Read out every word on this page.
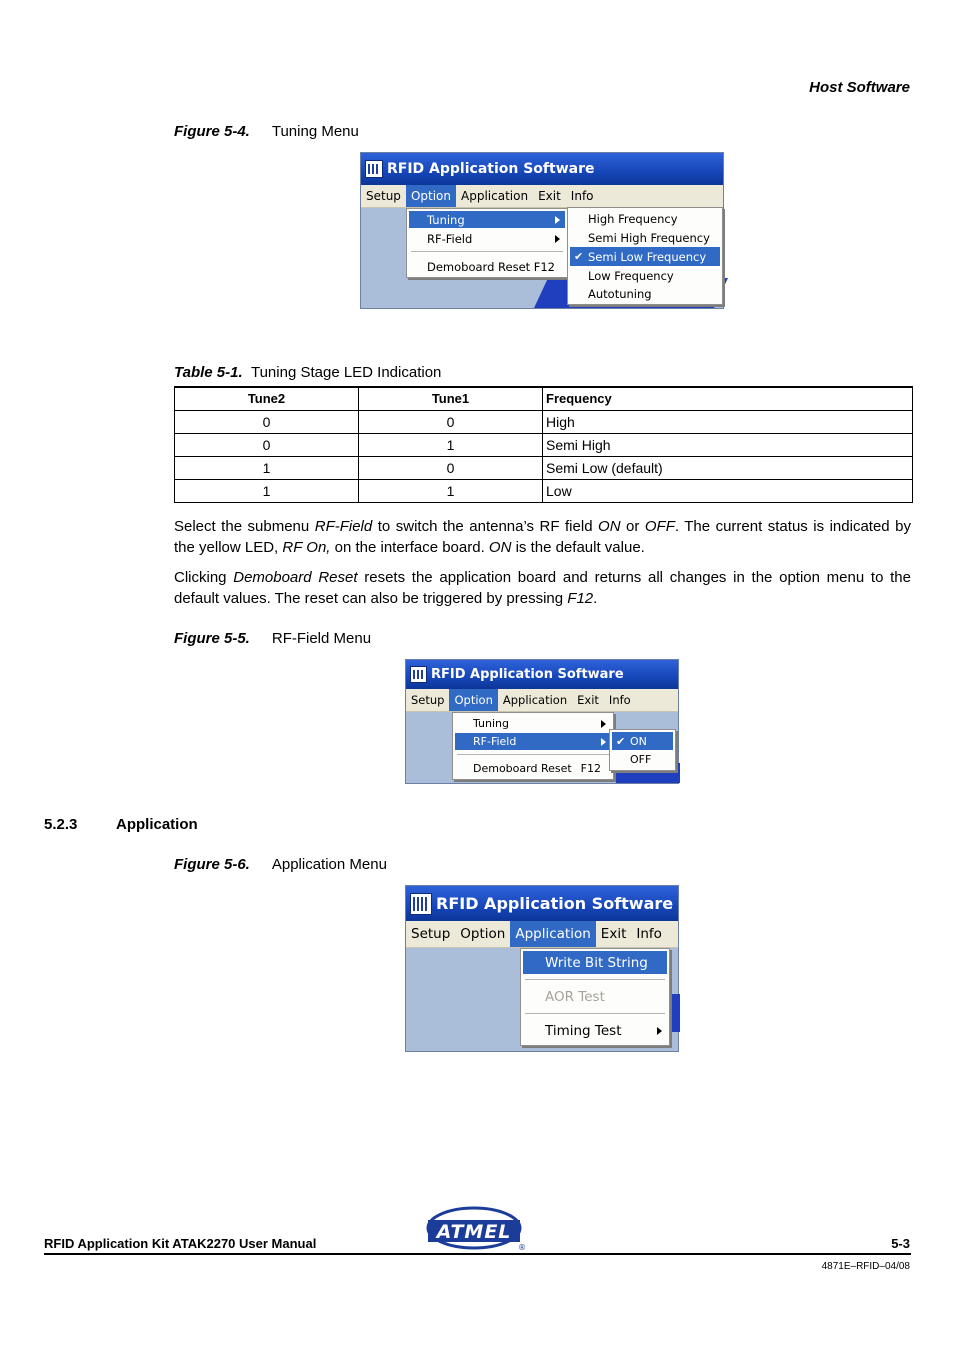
Host Software
Figure 5-4. Tuning Menu
RFID Application Software
Setup Option Application Exit Info
Tuning
RF-Field
Demoboard Reset F12
High Frequency
Semi High Frequency
✔ Semi Low Frequency
Low Frequency
Autotuning
Table 5-1. Tuning Stage LED Indication
Tune2	Tune1	Frequency
0	0	High
0	1	Semi High
1	0	Semi Low (default)
1	1	Low
Select the submenu RF-Field to switch the antenna’s RF field ON or OFF. The current status is indicated by the yellow LED, RF On, on the interface board. ON is the default value.
Clicking Demoboard Reset resets the application board and returns all changes in the option menu to the default values. The reset can also be triggered by pressing F12.
Figure 5-5. RF-Field Menu
RFID Application Software
Setup Option Application Exit Info
Tuning
RF-Field
Demoboard Reset F12
✔ ON
OFF
5.2.3	Application
Figure 5-6. Application Menu
RFID Application Software
Setup Option Application Exit Info
Write Bit String
AOR Test
Timing Test
RFID Application Kit ATAK2270 User Manual
ATMEL
®	5-3
4871E–RFID–04/08
